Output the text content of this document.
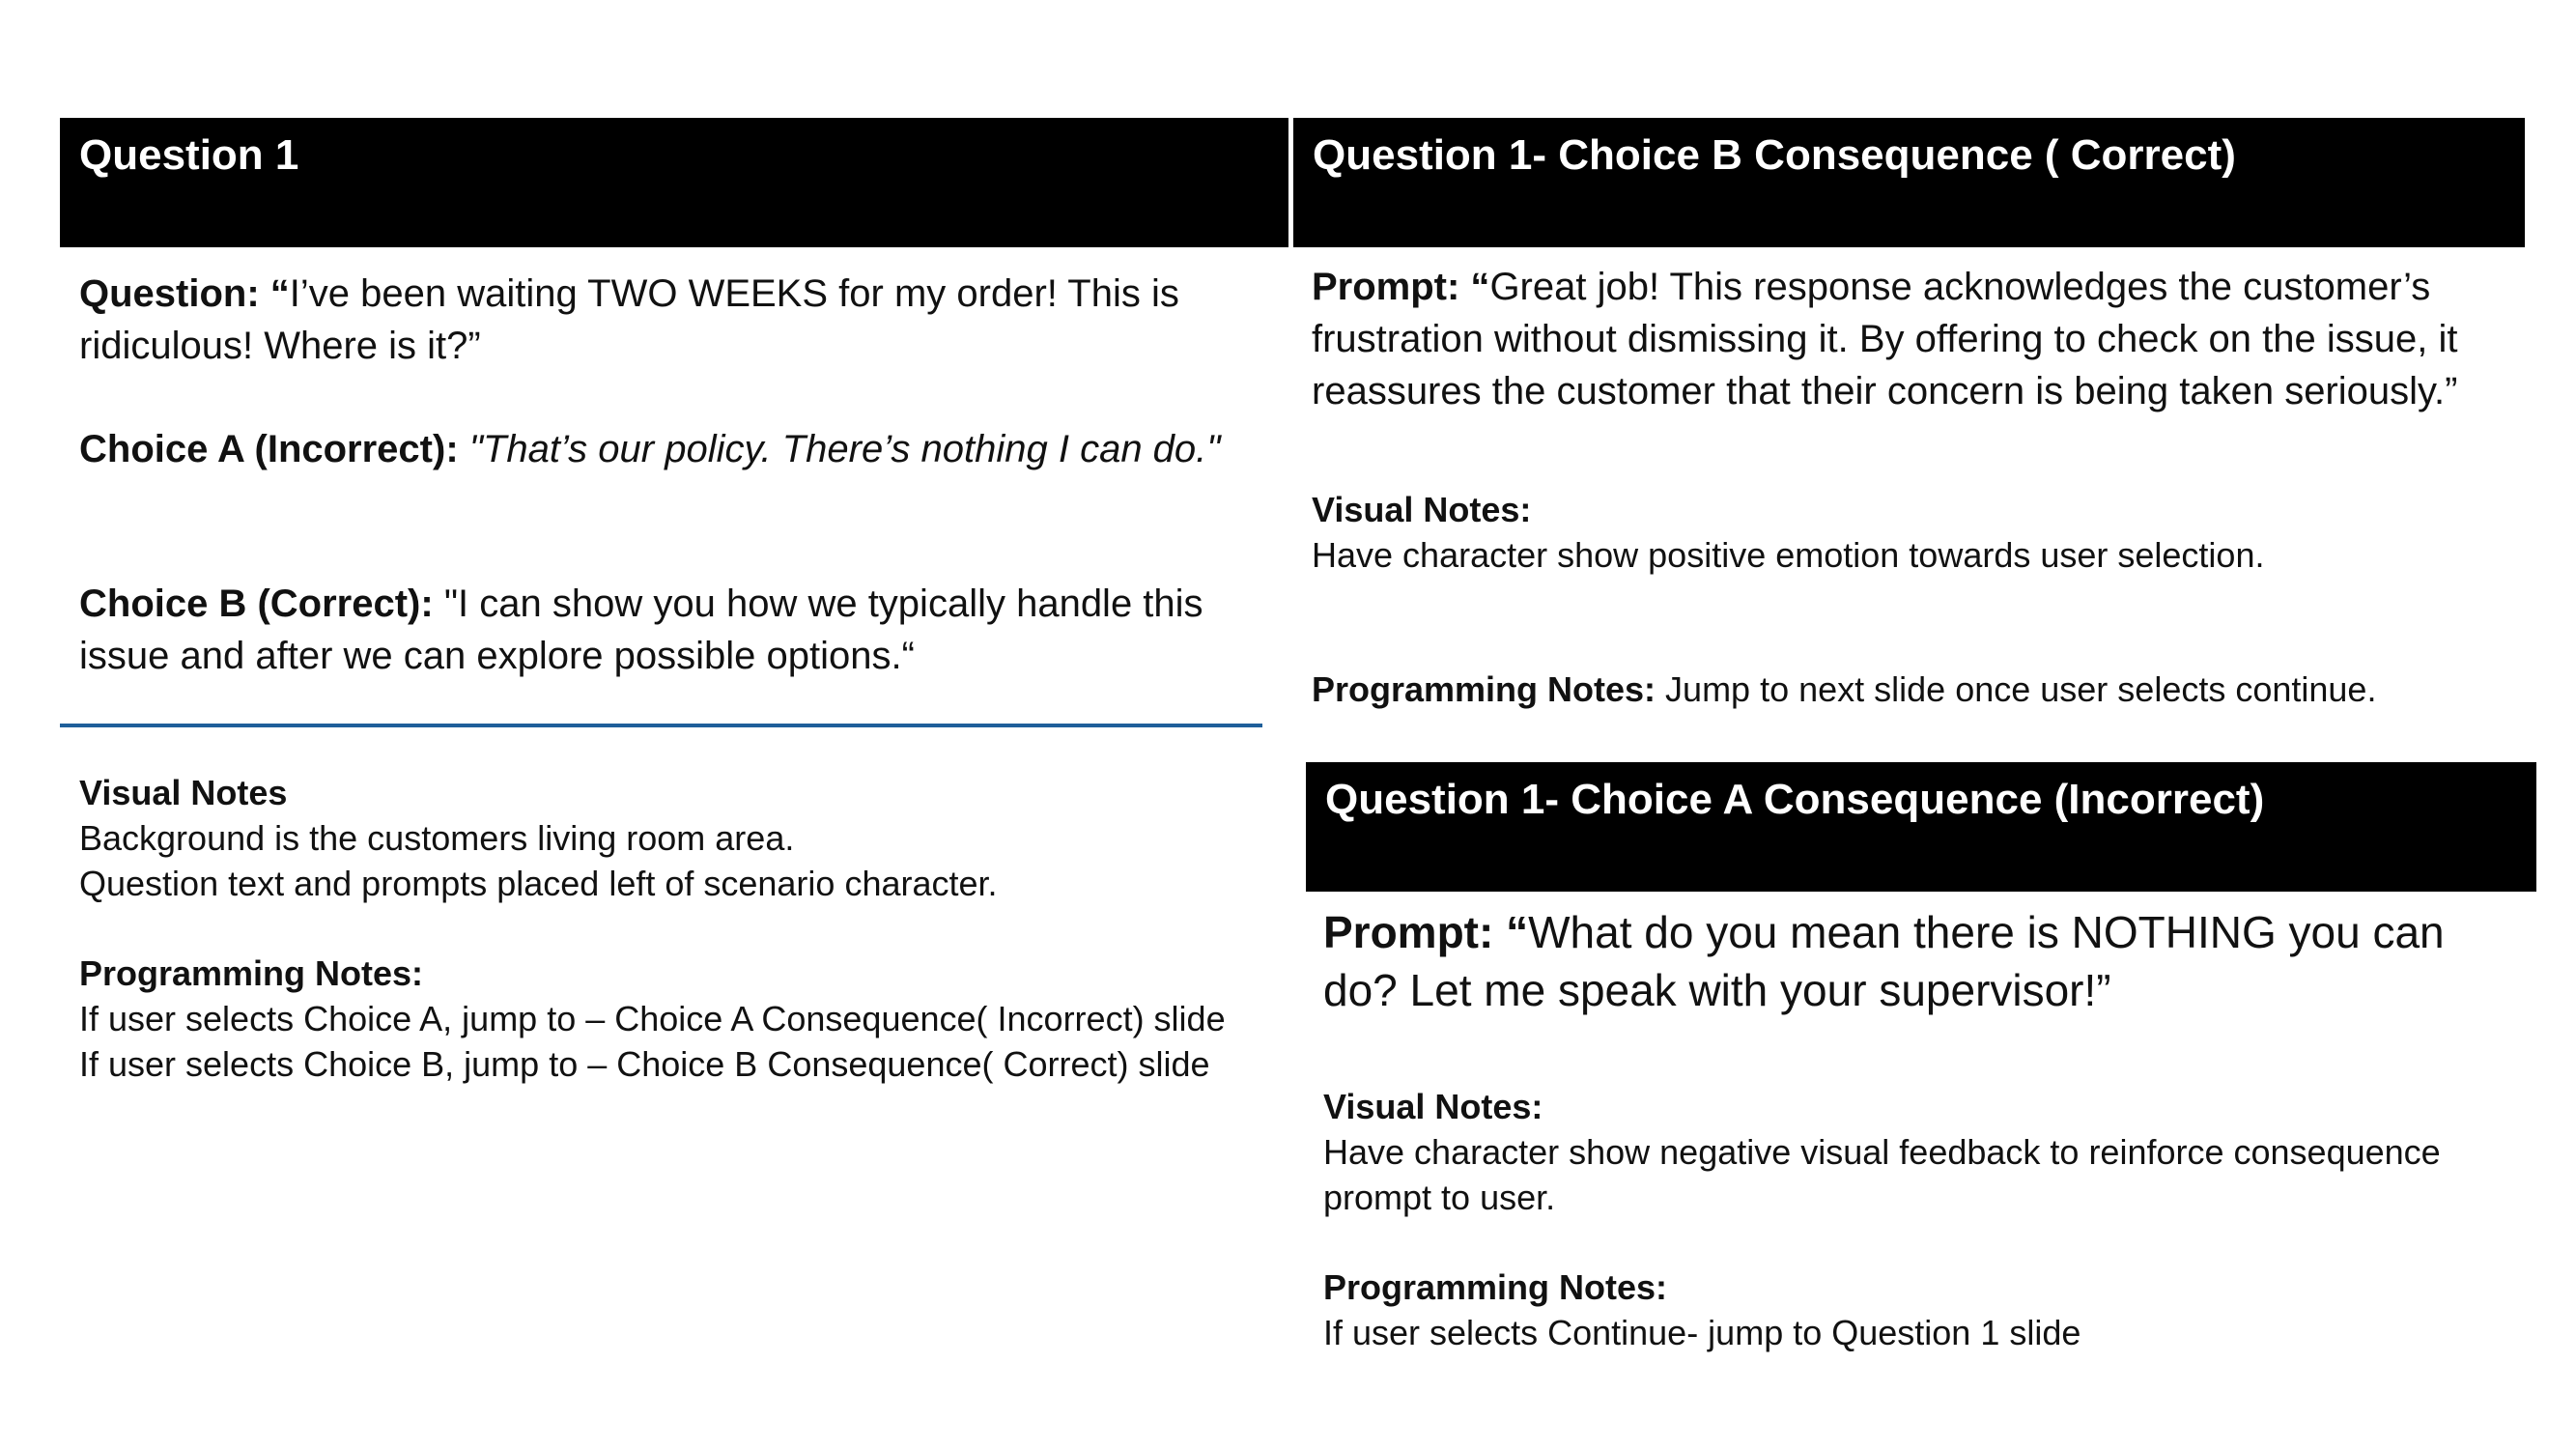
Question 1	Question 1- Choice B Consequence ( Correct)
Question 1- Choice A Consequence (Incorrect)

Question: “I’ve been waiting TWO WEEKS for my order! This is ridiculous! Where is it?”

Choice A (Incorrect): "That’s our policy. There’s nothing I can do."

Choice B (Correct): "I can show you how we typically handle this issue and after we can explore possible options.“

Visual Notes

Background is the customers living room area.

Question text and prompts placed left of scenario character.

Programming Notes:

If user selects Choice A, jump to – Choice A Consequence( Incorrect) slide

If user selects Choice B, jump to – Choice B Consequence( Correct) slide

Prompt: “Great job! This response acknowledges the customer’s frustration without dismissing it. By offering to check on the issue, it reassures the customer that their concern is being taken seriously.”

Visual Notes:

Have character show positive emotion towards user selection.

Programming Notes: Jump to next slide once user selects continue.

Prompt: “What do you mean there is NOTHING you can do? Let me speak with your supervisor!”

Visual Notes:

Have character show negative visual feedback to reinforce consequence prompt to user.

Programming Notes:

If user selects Continue- jump to Question 1 slide
